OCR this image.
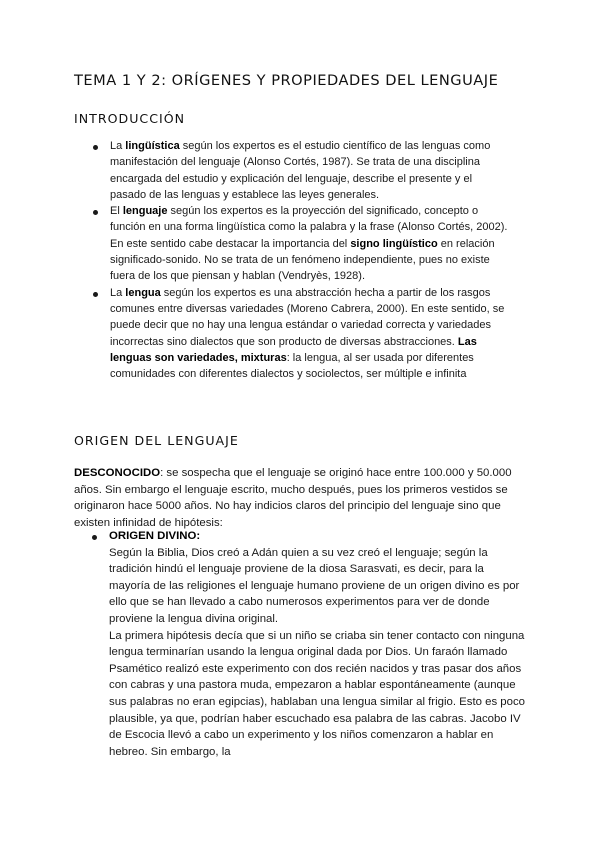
TEMA 1 Y 2: ORÍGENES Y PROPIEDADES DEL LENGUAJE
INTRODUCCIÓN
La lingüística según los expertos es el estudio científico de las lenguas como manifestación del lenguaje (Alonso Cortés, 1987). Se trata de una disciplina encargada del estudio y explicación del lenguaje, describe el presente y el pasado de las lenguas y establece las leyes generales.
El lenguaje según los expertos es la proyección del significado, concepto o función en una forma lingüística como la palabra y la frase (Alonso Cortés, 2002). En este sentido cabe destacar la importancia del signo lingüístico en relación significado-sonido. No se trata de un fenómeno independiente, pues no existe fuera de los que piensan y hablan (Vendryès, 1928).
La lengua según los expertos es una abstracción hecha a partir de los rasgos comunes entre diversas variedades (Moreno Cabrera, 2000). En este sentido, se puede decir que no hay una lengua estándar o variedad correcta y variedades incorrectas sino dialectos que son producto de diversas abstracciones. Las lenguas son variedades, mixturas: la lengua, al ser usada por diferentes comunidades con diferentes dialectos y sociolectos, ser múltiple e infinita
ORIGEN DEL LENGUAJE

DESCONOCIDO: se sospecha que el lenguaje se originó hace entre 100.000 y 50.000 años. Sin embargo el lenguaje escrito, mucho después, pues los primeros vestidos se originaron hace 5000 años. No hay indicios claros del principio del lenguaje sino que existen infinidad de hipótesis:

ORIGEN DIVINO:
Según la Biblia, Dios creó a Adán quien a su vez creó el lenguaje; según la tradición hindú el lenguaje proviene de la diosa Sarasvati, es decir, para la mayoría de las religiones el lenguaje humano proviene de un origen divino es por ello que se han llevado a cabo numerosos experimentos para ver de donde proviene la lengua divina original.
La primera hipótesis decía que si un niño se criaba sin tener contacto con ninguna lengua terminarían usando la lengua original dada por Dios. Un faraón llamado Psamético realizó este experimento con dos recién nacidos y tras pasar dos años con cabras y una pastora muda, empezaron a hablar espontáneamente (aunque sus palabras no eran egipcias), hablaban una lengua similar al frigio. Esto es poco plausible, ya que, podrían haber escuchado esa palabra de las cabras. Jacobo IV de Escocia llevó a cabo un experimento y los niños comenzaron a hablar en hebreo. Sin embargo, la
